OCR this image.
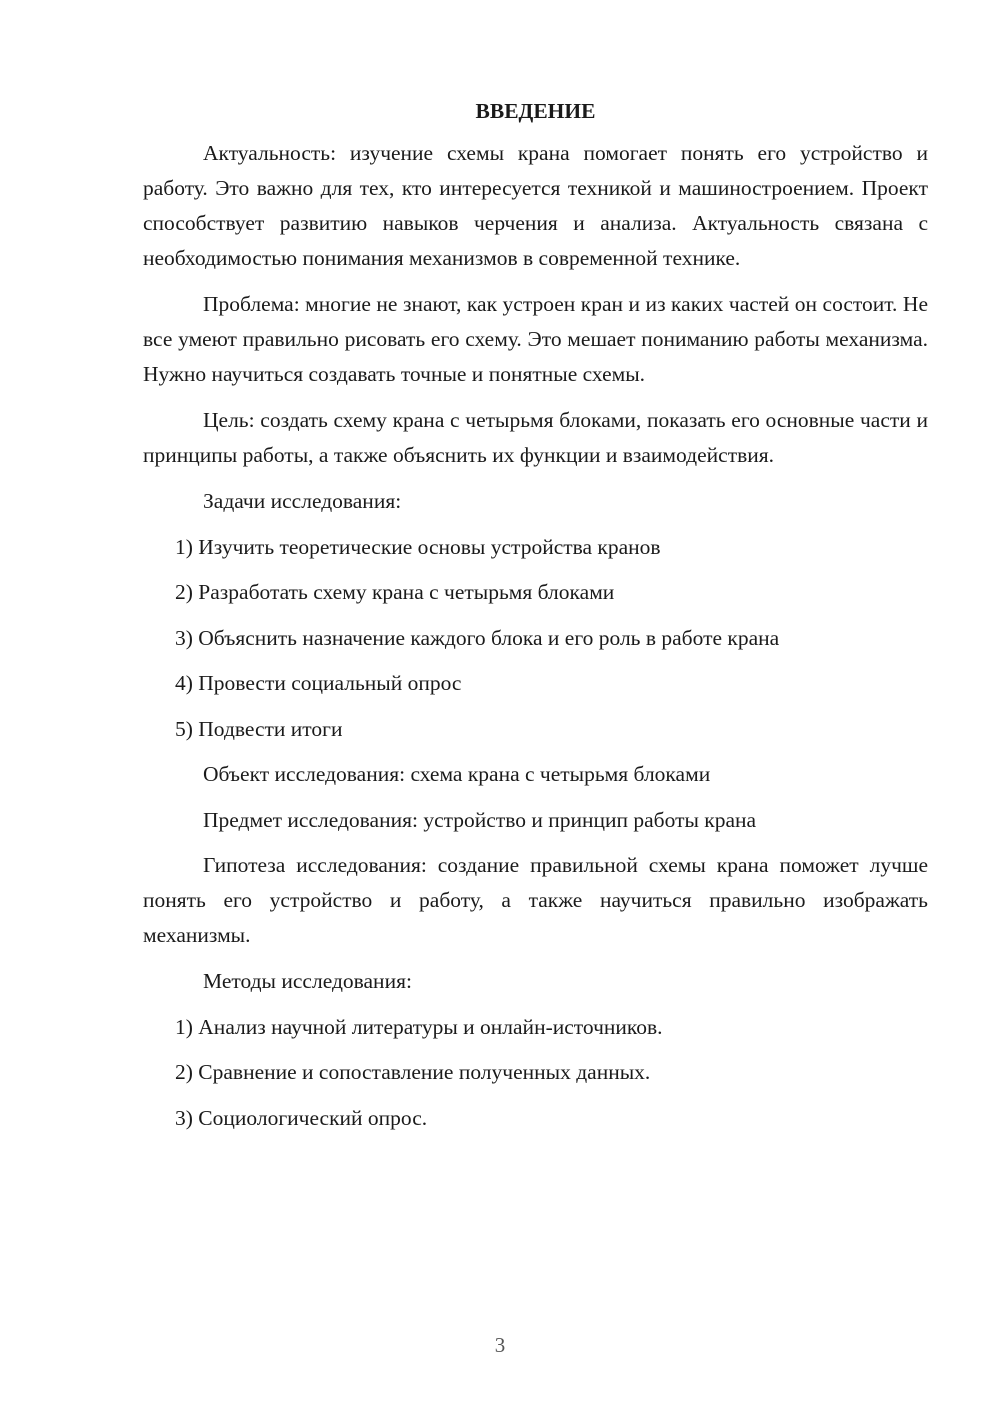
ВВЕДЕНИЕ

Актуальность: изучение схемы крана помогает понять его устройство и работу. Это важно для тех, кто интересуется техникой и машиностроением. Проект способствует развитию навыков черчения и анализа. Актуальность связана с необходимостью понимания механизмов в современной технике.

Проблема: многие не знают, как устроен кран и из каких частей он состоит. Не все умеют правильно рисовать его схему. Это мешает пониманию работы механизма. Нужно научиться создавать точные и понятные схемы.

Цель: создать схему крана с четырьмя блоками, показать его основные части и принципы работы, а также объяснить их функции и взаимодействия.

Задачи исследования:
1) Изучить теоретические основы устройства кранов
2) Разработать схему крана с четырьмя блоками
3) Объяснить назначение каждого блока и его роль в работе крана
4) Провести социальный опрос
5) Подвести итоги
Объект исследования: схема крана с четырьмя блоками
Предмет исследования: устройство и принцип работы крана

Гипотеза исследования: создание правильной схемы крана поможет лучше понять его устройство и работу, а также научиться правильно изображать механизмы.

Методы исследования:
1) Анализ научной литературы и онлайн-источников.
2) Сравнение и сопоставление полученных данных.
3) Социологический опрос.
3
